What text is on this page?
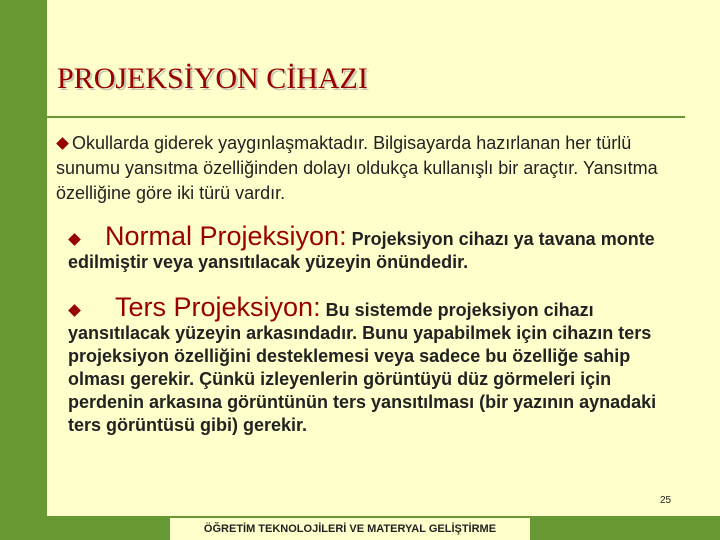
PROJEKSİYON CİHAZI
Okullarda giderek yaygınlaşmaktadır. Bilgisayarda hazırlanan her türlü sunumu yansıtma özelliğinden dolayı oldukça kullanışlı bir araçtır. Yansıtma özelliğine göre iki türü vardır.
Normal Projeksiyon: Projeksiyon cihazı ya tavana monte edilmiştir veya yansıtılacak yüzeyin önündedir.
Ters Projeksiyon: Bu sistemde projeksiyon cihazı yansıtılacak yüzeyin arkasındadır. Bunu yapabilmek için cihazın ters projeksiyon özelliğini desteklemesi veya sadece bu özelliğe sahip olması gerekir. Çünkü izleyenlerin görüntüyü düz görmeleri için perdenin arkasına görüntünün ters yansıtılması (bir yazının aynadaki ters görüntüsü gibi) gerekir.
25
ÖĞRETİM TEKNOLOJİLERİ VE MATERYAL GELİŞTİRME
